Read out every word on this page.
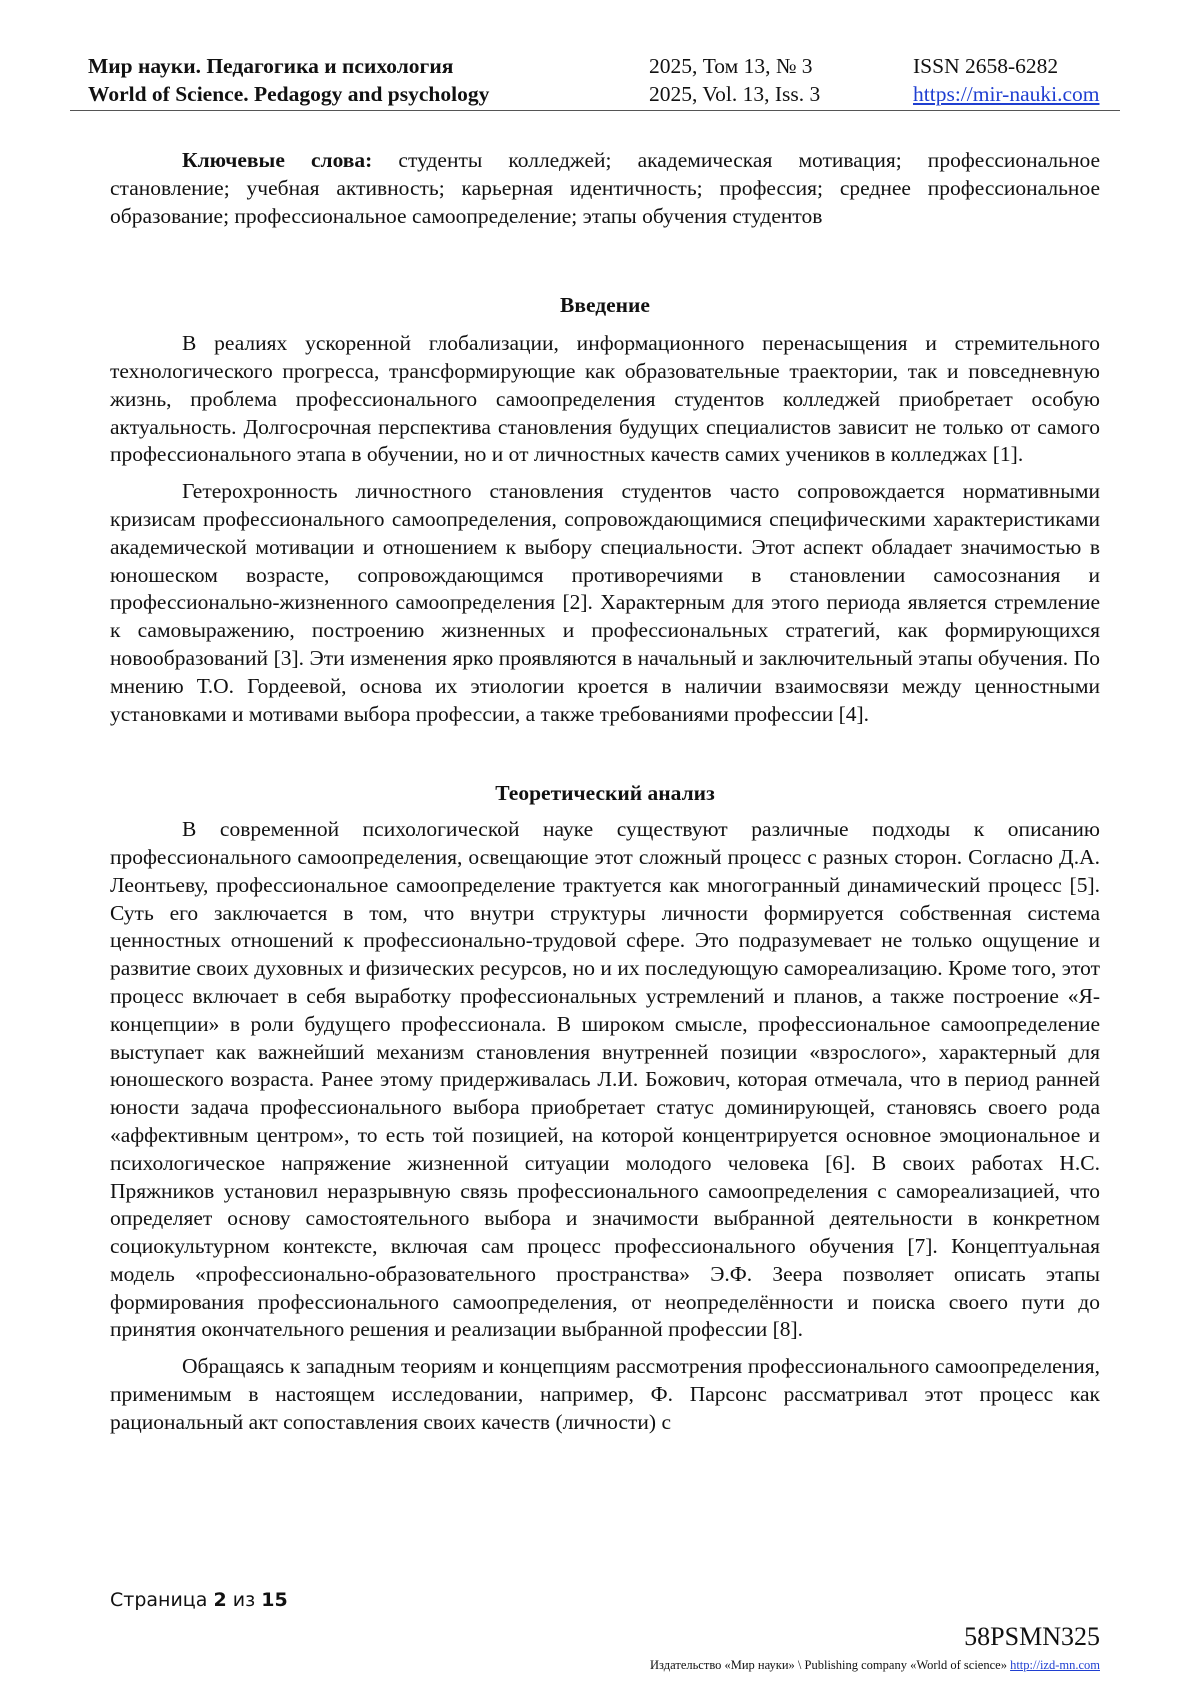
Мир науки. Педагогика и психология
World of Science. Pedagogy and psychology
2025, Том 13, № 3
2025, Vol. 13, Iss. 3
ISSN 2658-6282
https://mir-nauki.com

Ключевые слова: студенты колледжей; академическая мотивация; профессиональное становление; учебная активность; карьерная идентичность; профессия; среднее профессиональное образование; профессиональное самоопределение; этапы обучения студентов

Введение

В реалиях ускоренной глобализации, информационного перенасыщения и стремительного технологического прогресса, трансформирующие как образовательные траектории, так и повседневную жизнь, проблема профессионального самоопределения студентов колледжей приобретает особую актуальность. Долгосрочная перспектива становления будущих специалистов зависит не только от самого профессионального этапа в обучении, но и от личностных качеств самих учеников в колледжах [1].

Гетерохронность личностного становления студентов часто сопровождается нормативными кризисам профессионального самоопределения, сопровождающимися специфическими характеристиками академической мотивации и отношением к выбору специальности. Этот аспект обладает значимостью в юношеском возрасте, сопровождающимся противоречиями в становлении самосознания и профессионально-жизненного самоопределения [2]. Характерным для этого периода является стремление к самовыражению, построению жизненных и профессиональных стратегий, как формирующихся новообразований [3]. Эти изменения ярко проявляются в начальный и заключительный этапы обучения. По мнению Т.О. Гордеевой, основа их этиологии кроется в наличии взаимосвязи между ценностными установками и мотивами выбора профессии, а также требованиями профессии [4].

Теоретический анализ

В современной психологической науке существуют различные подходы к описанию профессионального самоопределения, освещающие этот сложный процесс с разных сторон. Согласно Д.А. Леонтьеву, профессиональное самоопределение трактуется как многогранный динамический процесс [5]. Суть его заключается в том, что внутри структуры личности формируется собственная система ценностных отношений к профессионально-трудовой сфере. Это подразумевает не только ощущение и развитие своих духовных и физических ресурсов, но и их последующую самореализацию. Кроме того, этот процесс включает в себя выработку профессиональных устремлений и планов, а также построение «Я-концепции» в роли будущего профессионала. В широком смысле, профессиональное самоопределение выступает как важнейший механизм становления внутренней позиции «взрослого», характерный для юношеского возраста. Ранее этому придерживалась Л.И. Божович, которая отмечала, что в период ранней юности задача профессионального выбора приобретает статус доминирующей, становясь своего рода «аффективным центром», то есть той позицией, на которой концентрируется основное эмоциональное и психологическое напряжение жизненной ситуации молодого человека [6]. В своих работах Н.С. Пряжников установил неразрывную связь профессионального самоопределения с самореализацией, что определяет основу самостоятельного выбора и значимости выбранной деятельности в конкретном социокультурном контексте, включая сам процесс профессионального обучения [7]. Концептуальная модель «профессионально-образовательного пространства» Э.Ф. Зеера позволяет описать этапы формирования профессионального самоопределения, от неопределённости и поиска своего пути до принятия окончательного решения и реализации выбранной профессии [8].

Обращаясь к западным теориям и концепциям рассмотрения профессионального самоопределения, применимым в настоящем исследовании, например, Ф. Парсонс рассматривал этот процесс как рациональный акт сопоставления своих качеств (личности) с

Страница 2 из 15
58PSMN325
Издательство «Мир науки» \ Publishing company «World of science» http://izd-mn.com
